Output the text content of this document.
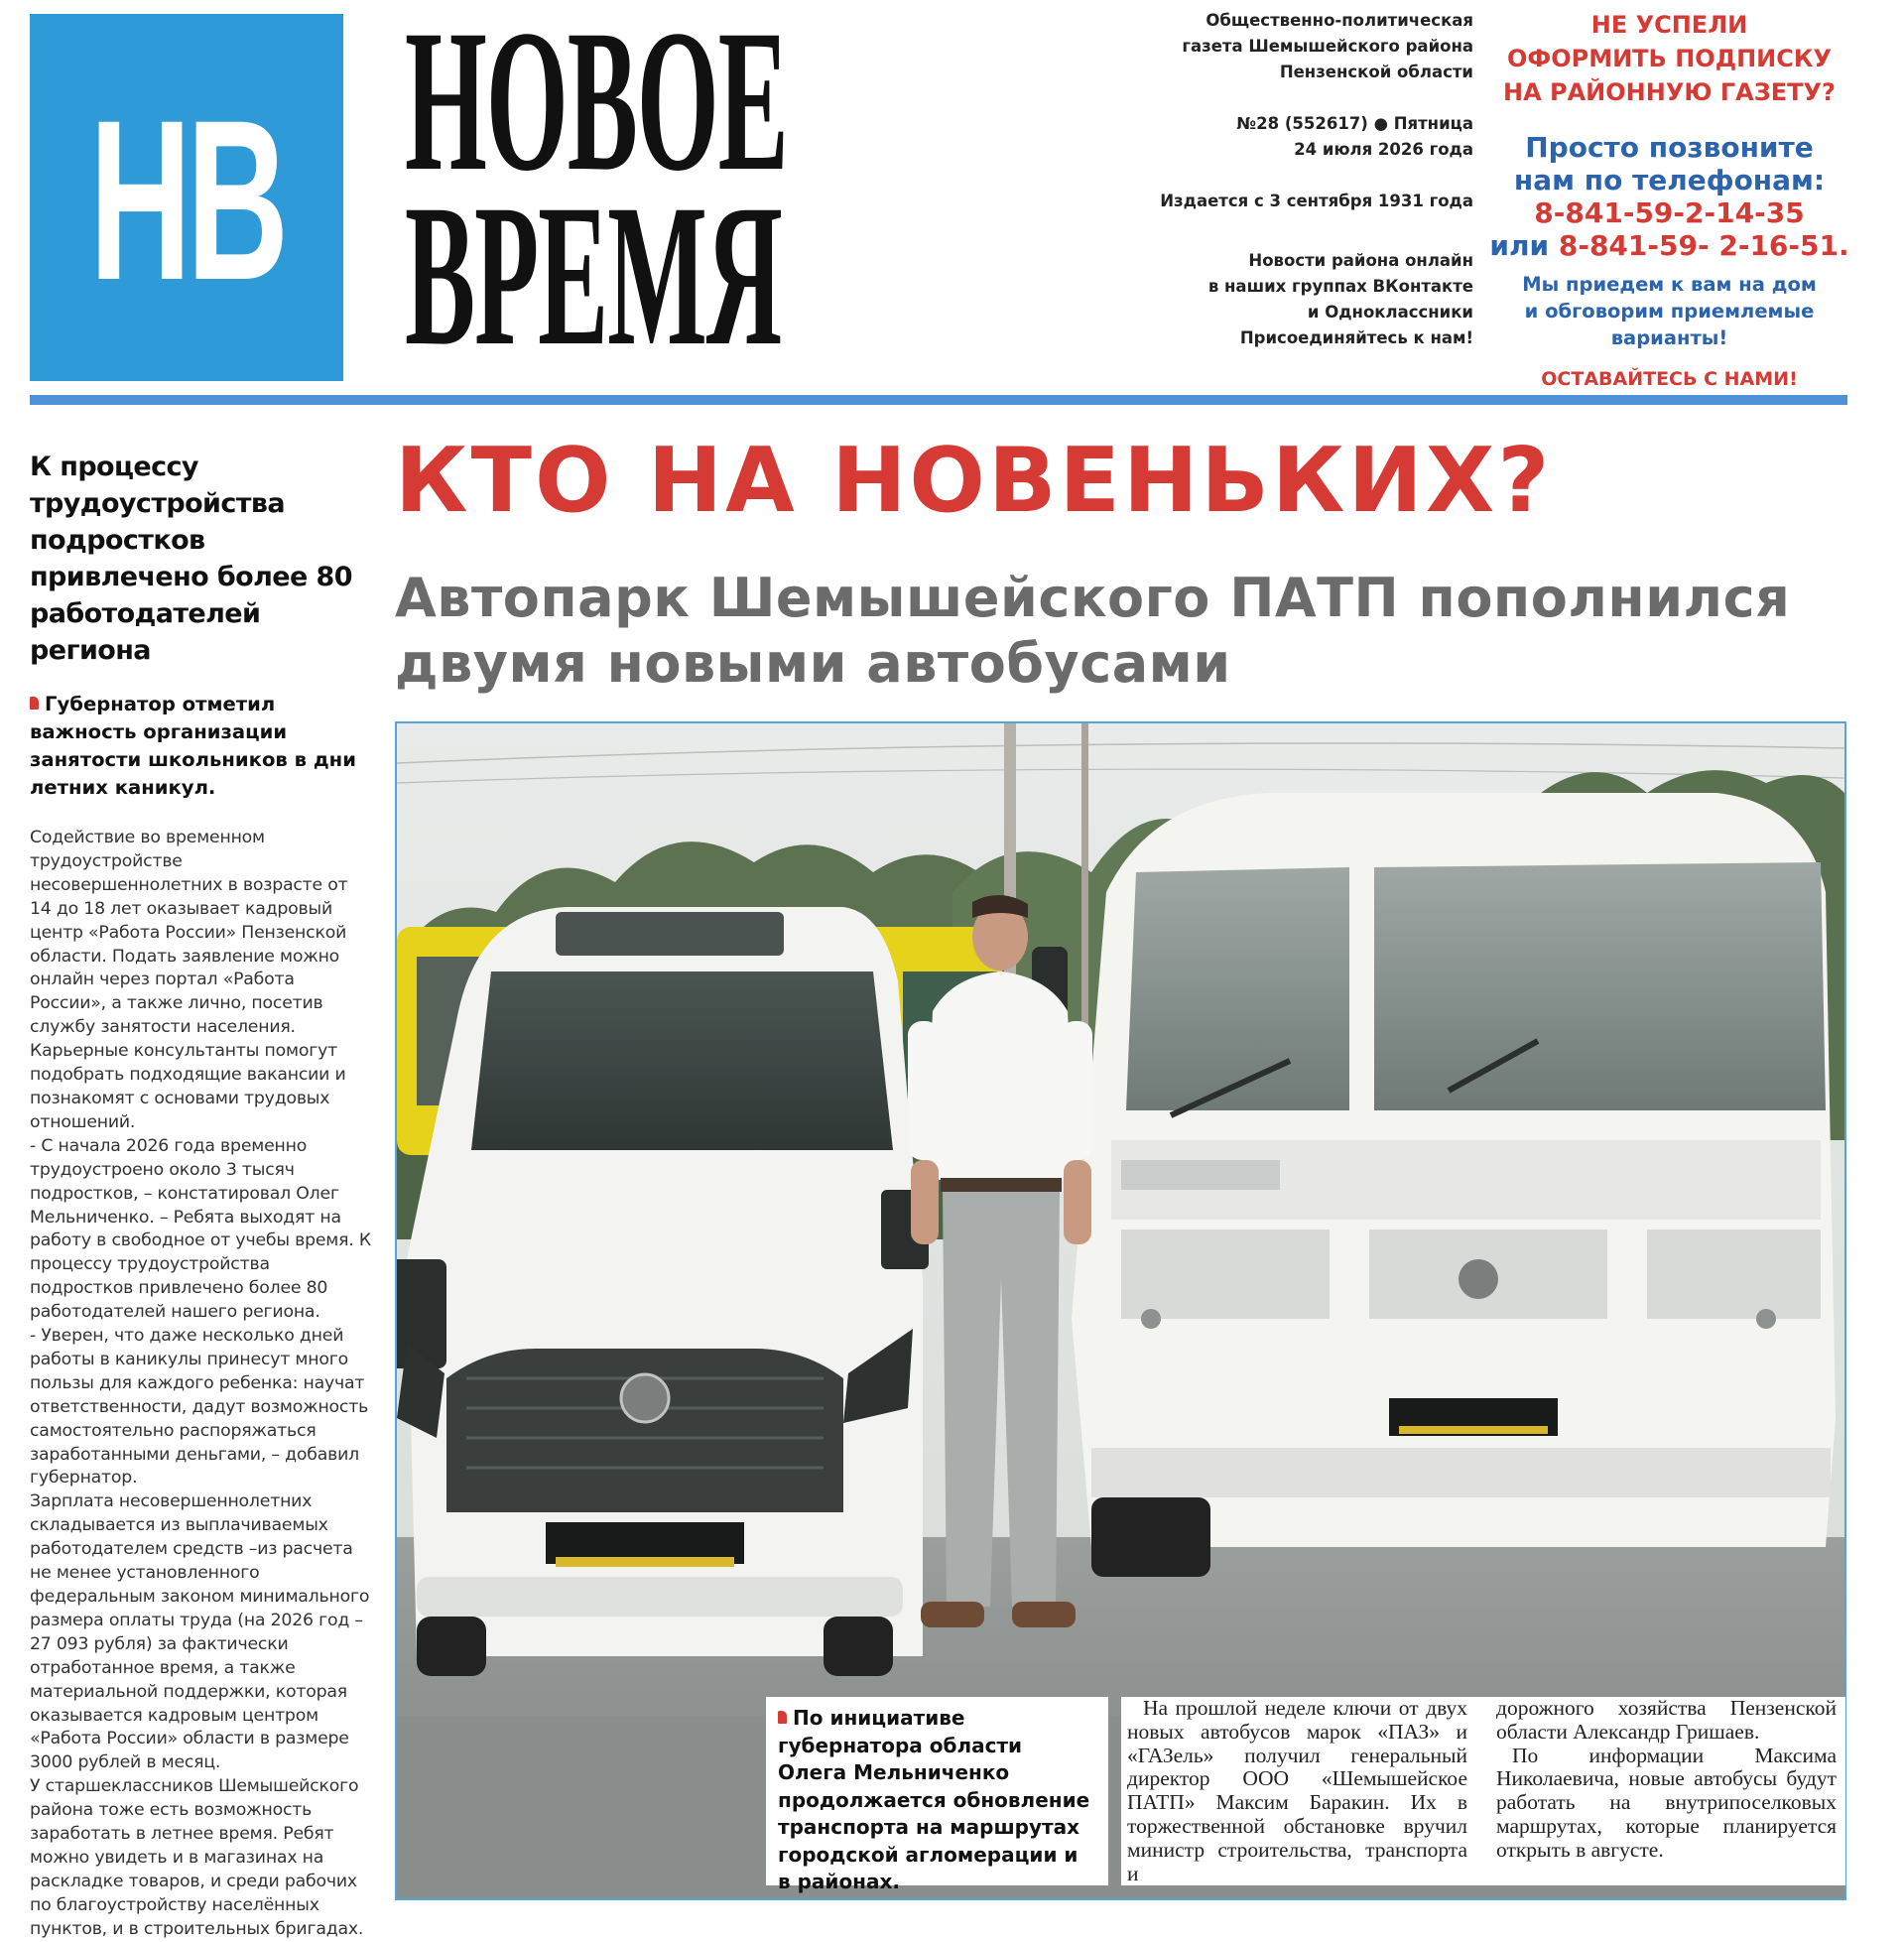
НВ НОВОЕ
ВРЕМЯ
Общественно-политическая
газета Шемышейского района
Пензенской области
№28 (552617) ● Пятница
24 июля 2026 года
Издается с 3 сентября 1931 года
Новости района онлайн
в наших группах ВКонтакте
и Одноклассники
Присоединяйтесь к нам!
НЕ УСПЕЛИ
ОФОРМИТЬ ПОДПИСКУ
НА РАЙОННУЮ ГАЗЕТУ?
Просто позвоните
нам по телефонам:
8-841-59-2-14-35
или 8-841-59- 2-16-51.
Мы приедем к вам на дом
и обговорим приемлемые
варианты!
ОСТАВАЙТЕСЬ С НАМИ!
К процессу трудоустройства подростков привлечено более 80 работодателей региона
Губернатор отметил важность организации занятости школьников в дни летних каникул.

Содействие во временном трудоустройстве несовершеннолетних в возрасте от 14 до 18 лет оказывает кадровый центр «Работа России» Пензенской области. Подать заявление можно онлайн через портал «Работа России», а также лично, посетив службу занятости населения. Карьерные консультанты помогут подобрать подходящие вакансии и познакомят с основами трудовых отношений.

- С начала 2026 года временно трудоустроено около 3 тысяч подростков, – констатировал Олег Мельниченко. – Ребята выходят на работу в свободное от учебы время. К процессу трудоустройства подростков привлечено более 80 работодателей нашего региона.

- Уверен, что даже несколько дней работы в каникулы принесут много пользы для каждого ребенка: научат ответственности, дадут возможность самостоятельно распоряжаться заработанными деньгами, – добавил губернатор.

Зарплата несовершеннолетних складывается из выплачиваемых работодателем средств –из расчета не менее установленного федеральным законом минимального размера оплаты труда (на 2026 год – 27 093 рубля) за фактически отработанное время, а также материальной поддержки, которая оказывается кадровым центром «Работа России» области в размере 3000 рублей в месяц.

У старшеклассников Шемышейского района тоже есть возможность заработать в летнее время. Ребят можно увидеть и в магазинах на раскладке товаров, и среди рабочих по благоустройству населённых пунктов, и в строительных бригадах.

КТО НА НОВЕНЬКИХ?
Автопарк Шемышейского ПАТП пополнился двумя новыми автобусами
По инициативе губернатора области Олега Мельниченко продолжается обновление транспорта на маршрутах городской агломерации и в районах.
На прошлой неделе ключи от двух новых автобусов марок «ПАЗ» и «ГАЗель» получил генеральный директор ООО «Шемышейское ПАТП» Максим Баракин. Их в торжественной обстановке вручил министр строительства, транспорта и
дорожного хозяйства Пензенской области Александр Гришаев.
По информации Максима Николаевича, новые автобусы будут работать на внутрипоселковых маршрутах, которые планируется открыть в августе.
